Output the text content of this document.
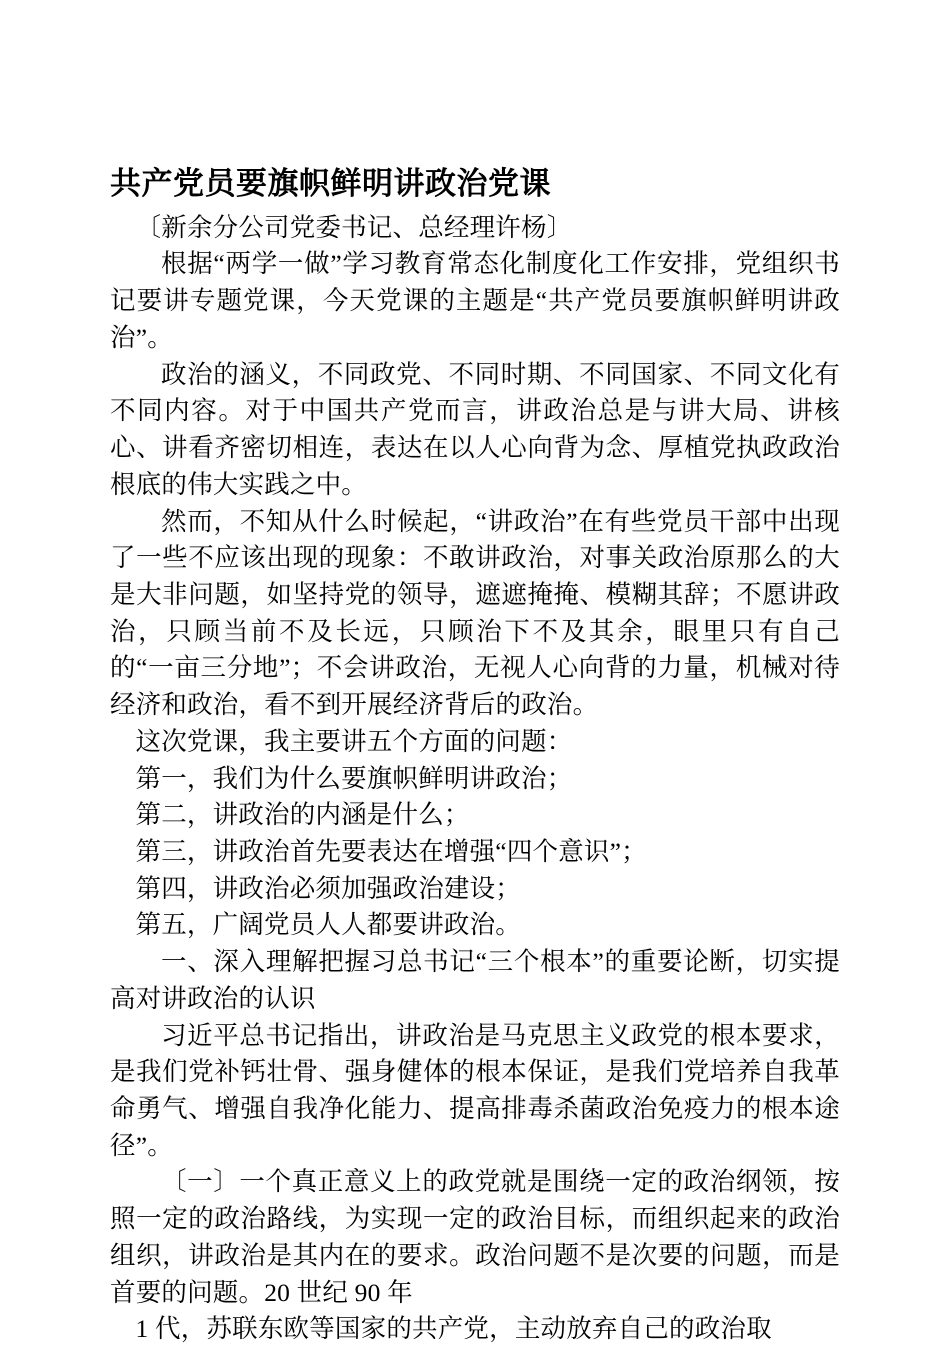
共产党员要旗帜鲜明讲政治党课

〔新余分公司党委书记、总经理许杨〕

根据“两学一做”学习教育常态化制度化工作安排，党组织书记要讲专题党课，今天党课的主题是“共产党员要旗帜鲜明讲政治”。

政治的涵义，不同政党、不同时期、不同国家、不同文化有不同内容。对于中国共产党而言，讲政治总是与讲大局、讲核心、讲看齐密切相连，表达在以人心向背为念、厚植党执政政治根底的伟大实践之中。

然而，不知从什么时候起，“讲政治”在有些党员干部中出现了一些不应该出现的现象：不敢讲政治，对事关政治原那么的大是大非问题，如坚持党的领导，遮遮掩掩、模糊其辞；不愿讲政治，只顾当前不及长远，只顾治下不及其余，眼里只有自己的“一亩三分地”；不会讲政治，无视人心向背的力量，机械对待经济和政治，看不到开展经济背后的政治。

这次党课，我主要讲五个方面的问题：

第一，我们为什么要旗帜鲜明讲政治；

第二，讲政治的内涵是什么；

第三，讲政治首先要表达在增强“四个意识”；

第四，讲政治必须加强政治建设；

第五，广阔党员人人都要讲政治。

一、深入理解把握习总书记“三个根本”的重要论断，切实提高对讲政治的认识

习近平总书记指出，讲政治是马克思主义政党的根本要求，是我们党补钙壮骨、强身健体的根本保证，是我们党培养自我革命勇气、增强自我净化能力、提高排毒杀菌政治免疫力的根本途径”。

〔一〕一个真正意义上的政党就是围绕一定的政治纲领，按照一定的政治路线，为实现一定的政治目标，而组织起来的政治组织，讲政治是其内在的要求。政治问题不是次要的问题，而是首要的问题。20 世纪 90 年

1 代，苏联东欧等国家的共产党，主动放弃自己的政治取
